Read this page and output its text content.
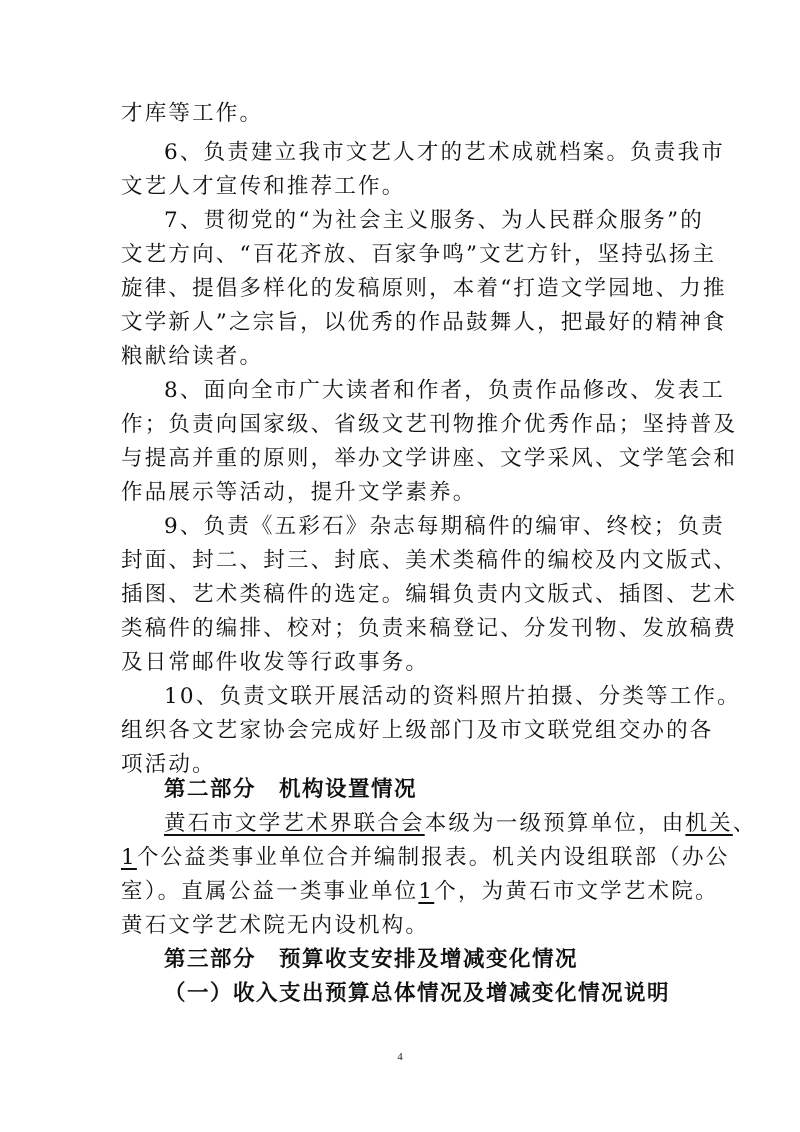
才库等工作。
6、负责建立我市文艺人才的艺术成就档案。负责我市
文艺人才宣传和推荐工作。
7、贯彻党的“为社会主义服务、为人民群众服务”的
文艺方向、“百花齐放、百家争鸣”文艺方针，坚持弘扬主
旋律、提倡多样化的发稿原则，本着“打造文学园地、力推
文学新人”之宗旨，以优秀的作品鼓舞人，把最好的精神食
粮献给读者。
8、面向全市广大读者和作者，负责作品修改、发表工
作；负责向国家级、省级文艺刊物推介优秀作品；坚持普及
与提高并重的原则，举办文学讲座、文学采风、文学笔会和
作品展示等活动，提升文学素养。
9、负责《五彩石》杂志每期稿件的编审、终校；负责
封面、封二、封三、封底、美术类稿件的编校及内文版式、
插图、艺术类稿件的选定。编辑负责内文版式、插图、艺术
类稿件的编排、校对；负责来稿登记、分发刊物、发放稿费
及日常邮件收发等行政事务。
10、负责文联开展活动的资料照片拍摄、分类等工作。
组织各文艺家协会完成好上级部门及市文联党组交办的各
项活动。
第二部分　机构设置情况
黄石市文学艺术界联合会本级为一级预算单位，由机关、
1个公益类事业单位合并编制报表。机关内设组联部（办公
室）。直属公益一类事业单位1个，为黄石市文学艺术院。
黄石文学艺术院无内设机构。
第三部分　预算收支安排及增减变化情况
（一）收入支出预算总体情况及增减变化情况说明
4
